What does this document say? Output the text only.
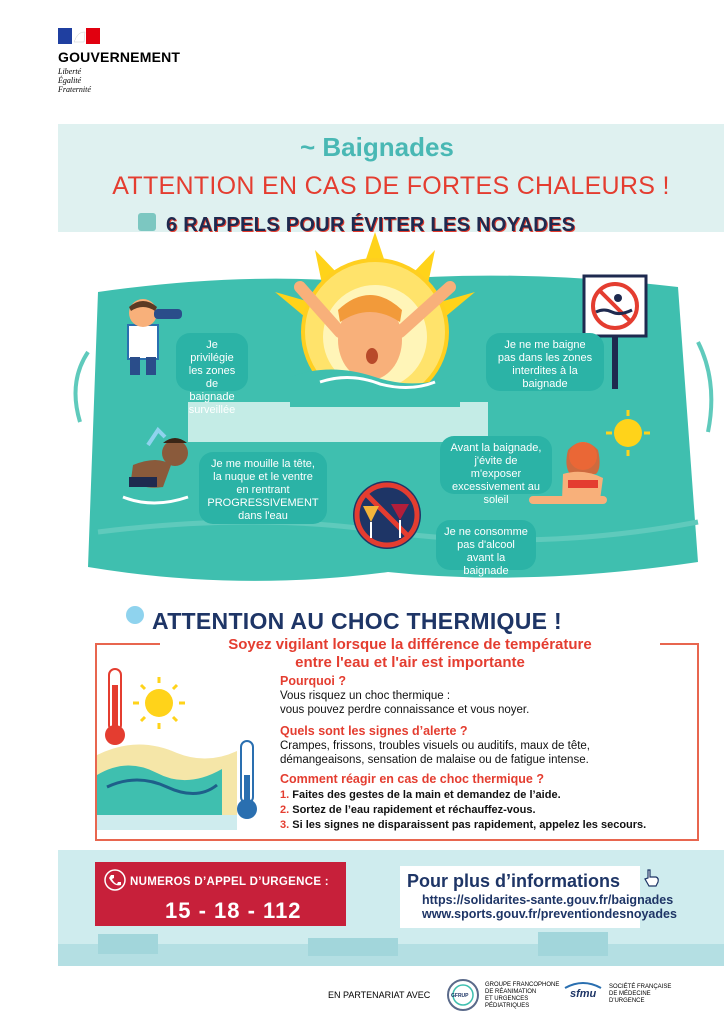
GOUVERNEMENT
Liberté
Égalité
Fraternité
~ Baignades
ATTENTION EN CAS DE FORTES CHALEURS !
6 RAPPELS POUR ÉVITER LES NOYADES
Je privilégie les zones de baignade surveillée
Je ne me baigne pas dans les zones interdites à la baignade
Avant la baignade, j'évite de m'exposer excessivement au soleil
Je me mouille la tête, la nuque et le ventre en rentrant PROGRESSIVEMENT dans l'eau
Je ne consomme pas d'alcool avant la baignade
ATTENTION AU CHOC THERMIQUE !
Soyez vigilant lorsque la différence de température
entre l'eau et l'air est importante
Pourquoi ?
Vous risquez un choc thermique :
vous pouvez perdre connaissance et vous noyer.
Quels sont les signes d’alerte ?
Crampes, frissons, troubles visuels ou auditifs, maux de tête,
démangeaisons, sensation de malaise ou de fatigue intense.
Comment réagir en cas de choc thermique ?
1. Faites des gestes de la main et demandez de l’aide.
2. Sortez de l’eau rapidement et réchauffez-vous.
3. Si les signes ne disparaissent pas rapidement, appelez les secours.
NUMEROS D’APPEL D’URGENCE :
15 - 18 - 112
Pour plus d’informations
https://solidarites-sante.gouv.fr/baignades
www.sports.gouv.fr/preventiondesnoyades
EN PARTENARIAT AVEC	GFRUP
GROUPE FRANCOPHONE
DE RÉANIMATION
ET URGENCES
PÉDIATRIQUES
sfmu
SOCIÉTÉ FRANÇAISE
DE MÉDECINE
D'URGENCE
